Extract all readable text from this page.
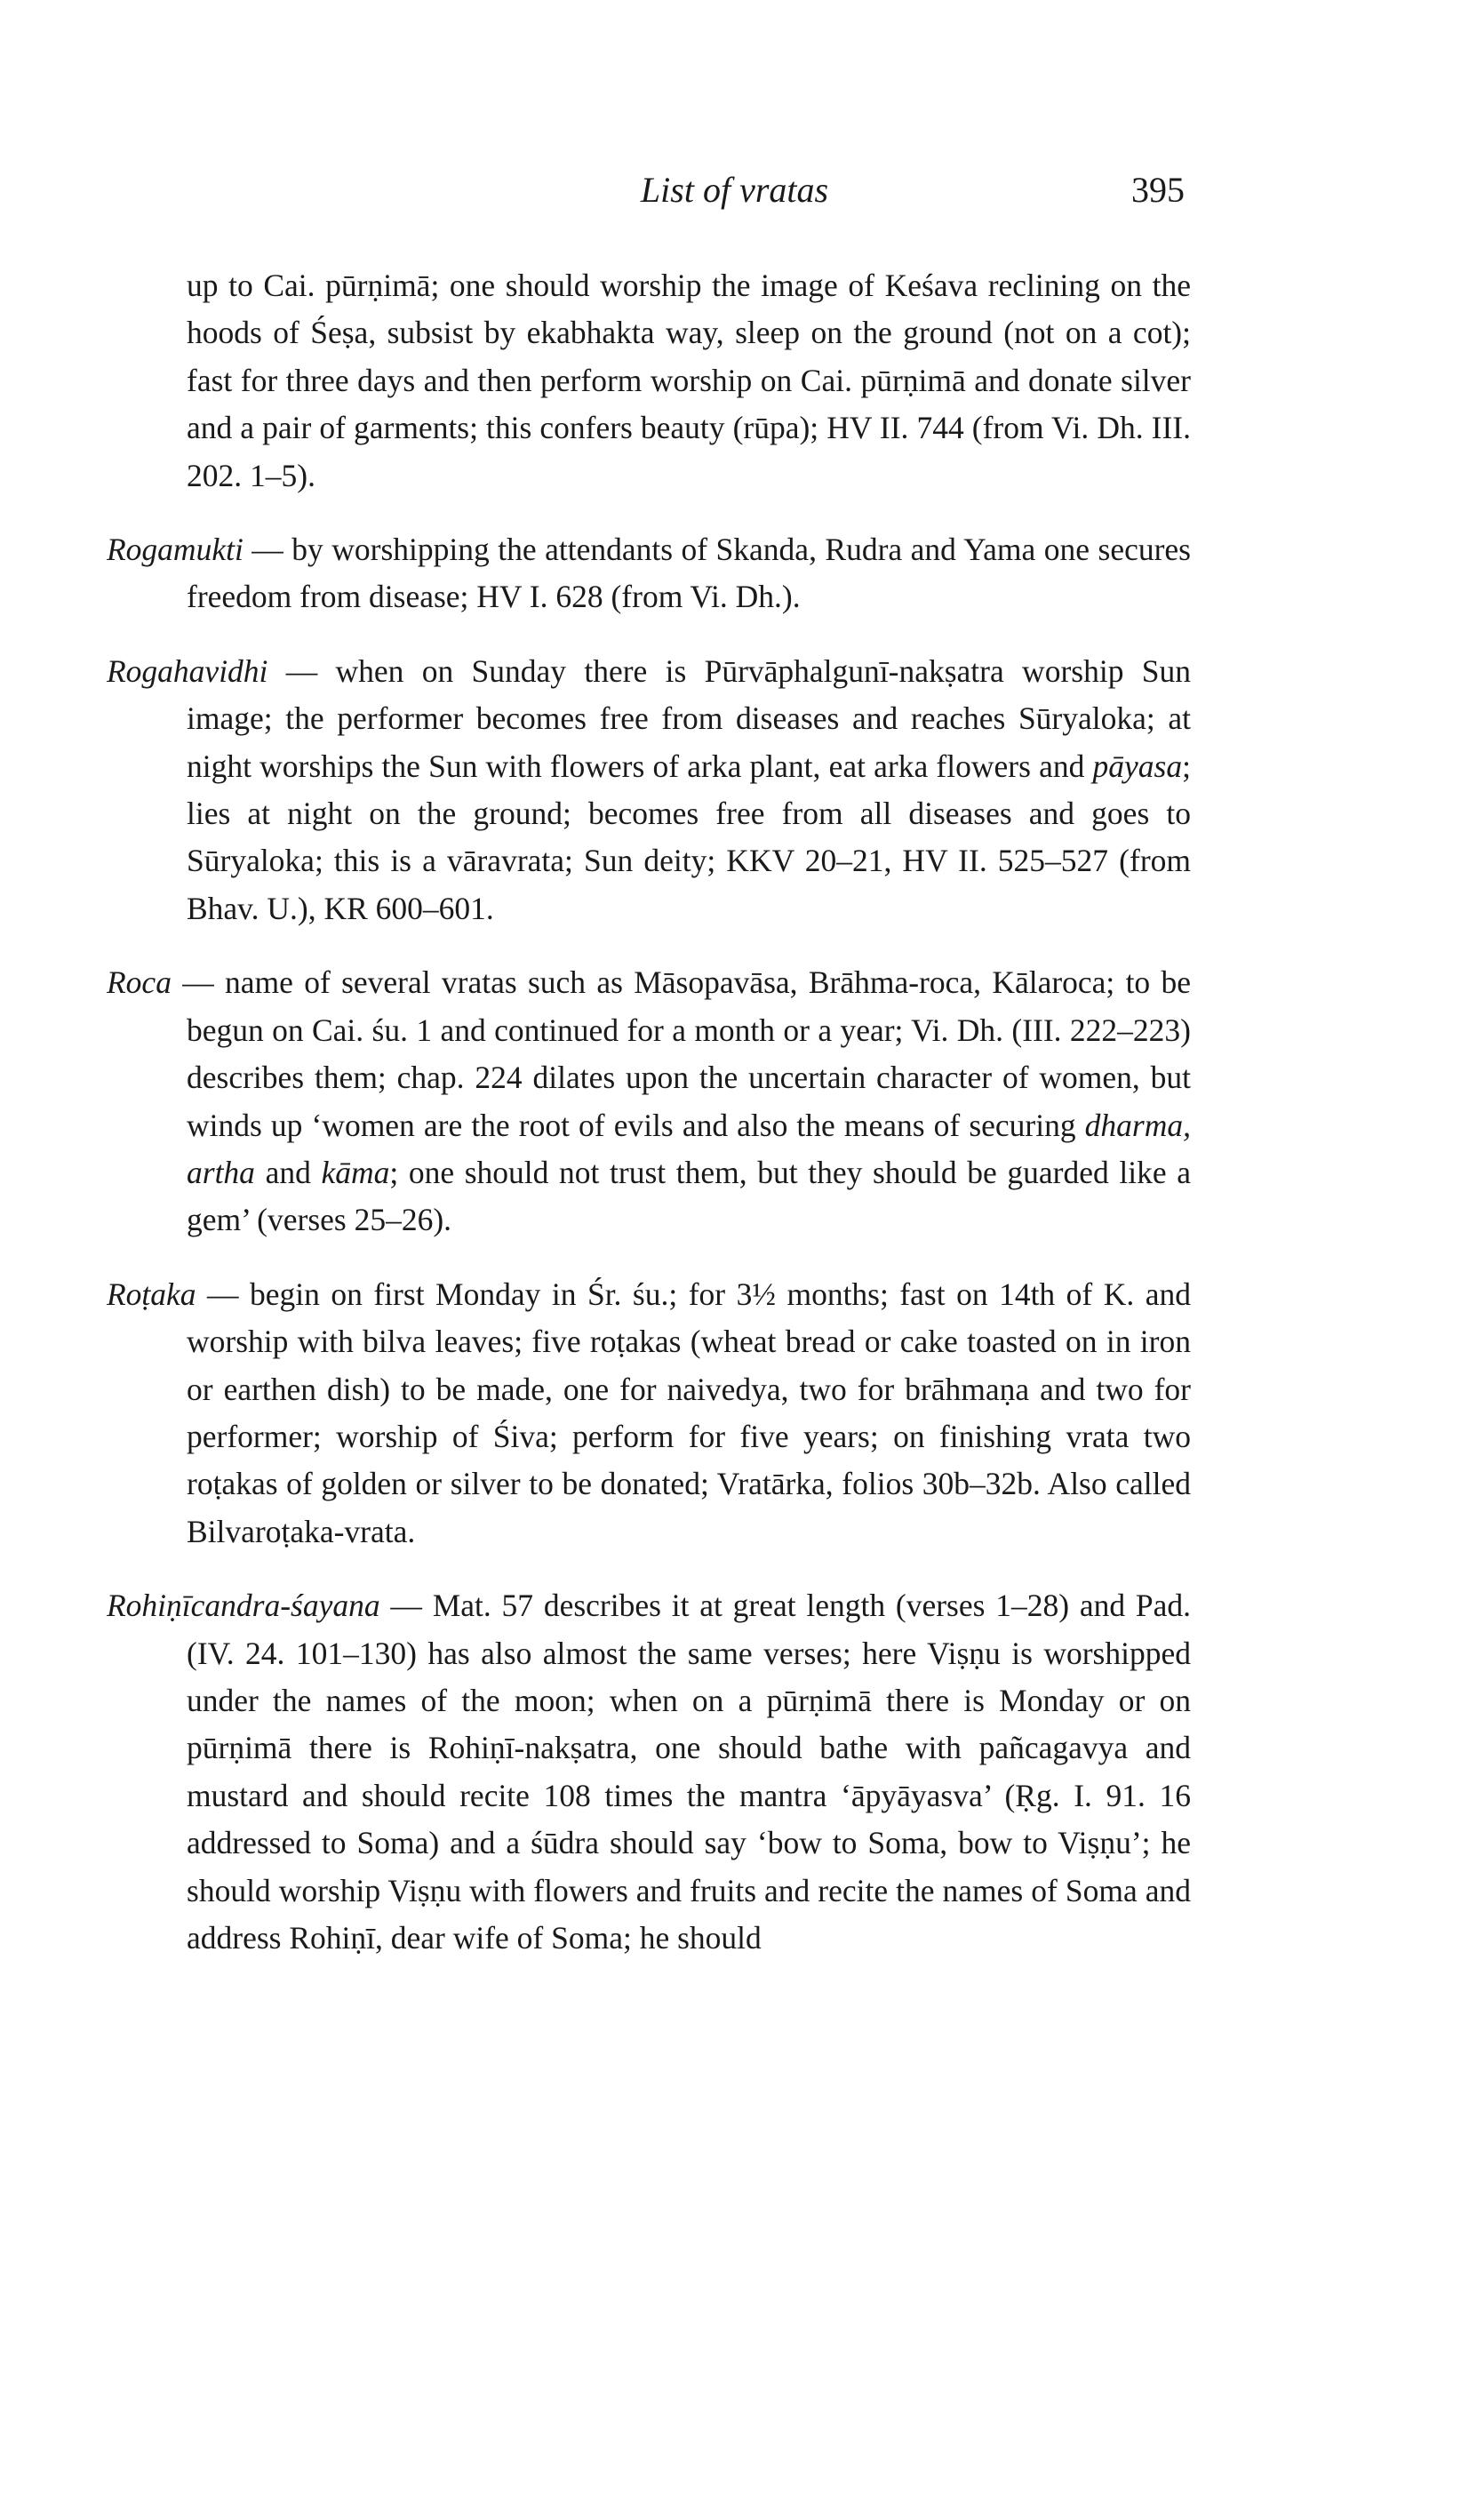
List of vratas	395

up to Cai. pūrṇimā; one should worship the image of Keśava reclining on the hoods of Śeṣa, subsist by ekabhakta way, sleep on the ground (not on a cot); fast for three days and then perform worship on Cai. pūrṇimā and donate silver and a pair of garments; this confers beauty (rūpa); HV II. 744 (from Vi. Dh. III. 202. 1–5).

Rogamukti — by worshipping the attendants of Skanda, Rudra and Yama one secures freedom from disease; HV I. 628 (from Vi. Dh.).

Rogahavidhi — when on Sunday there is Pūrvāphalgunī-nakṣatra worship Sun image; the performer becomes free from diseases and reaches Sūryaloka; at night worships the Sun with flowers of arka plant, eat arka flowers and pāyasa; lies at night on the ground; becomes free from all diseases and goes to Sūryaloka; this is a vāravrata; Sun deity; KKV 20–21, HV II. 525–527 (from Bhav. U.), KR 600–601.

Roca — name of several vratas such as Māsopavāsa, Brāhma-roca, Kālaroca; to be begun on Cai. śu. 1 and continued for a month or a year; Vi. Dh. (III. 222–223) describes them; chap. 224 dilates upon the uncertain character of women, but winds up ‘women are the root of evils and also the means of securing dharma, artha and kāma; one should not trust them, but they should be guarded like a gem’ (verses 25–26).

Roṭaka — begin on first Monday in Śr. śu.; for 3½ months; fast on 14th of K. and worship with bilva leaves; five roṭakas (wheat bread or cake toasted on in iron or earthen dish) to be made, one for naivedya, two for brāhmaṇa and two for performer; worship of Śiva; perform for five years; on finishing vrata two roṭakas of golden or silver to be donated; Vratārka, folios 30b–32b. Also called Bilvaroṭaka-vrata.

Rohiṇīcandra-śayana — Mat. 57 describes it at great length (verses 1–28) and Pad. (IV. 24. 101–130) has also almost the same verses; here Viṣṇu is worshipped under the names of the moon; when on a pūrṇimā there is Monday or on pūrṇimā there is Rohiṇī-nakṣatra, one should bathe with pañcagavya and mustard and should recite 108 times the mantra ‘āpyāyasva’ (Ṛg. I. 91. 16 addressed to Soma) and a śūdra should say ‘bow to Soma, bow to Viṣṇu’; he should worship Viṣṇu with flowers and fruits and recite the names of Soma and address Rohiṇī, dear wife of Soma; he should
